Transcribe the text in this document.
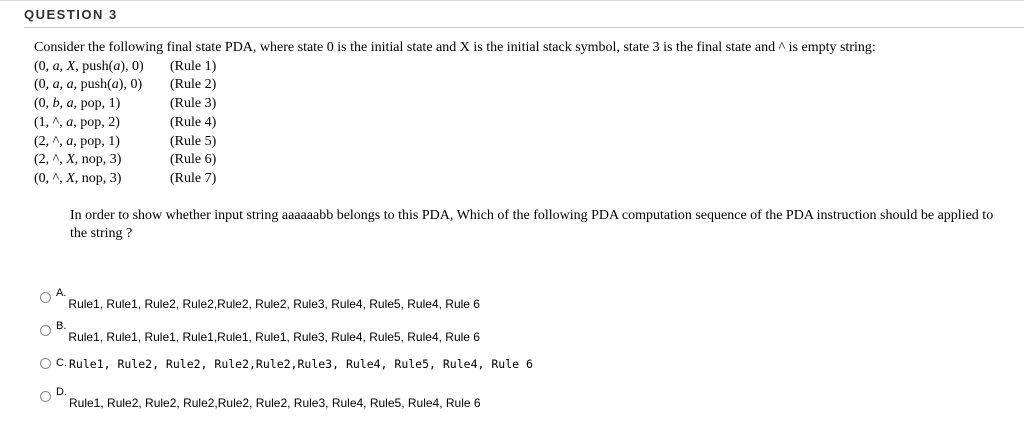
QUESTION 3
Consider the following final state PDA, where state 0 is the initial state and X is the initial stack symbol, state 3 is the final state and ^ is empty string:
(0, a, X, push(a), 0)	(Rule 1)
(0, a, a, push(a), 0)	(Rule 2)
(0, b, a, pop, 1)	(Rule 3)
(1, ^, a, pop, 2)	(Rule 4)
(2, ^, a, pop, 1)	(Rule 5)
(2, ^, X, nop, 3)	(Rule 6)
(0, ^, X, nop, 3)	(Rule 7)
In order to show whether input string aaaaaabb belongs to this PDA, Which of the following PDA computation sequence of the PDA instruction should be applied to the string ?
A.
Rule1, Rule1, Rule2, Rule2,Rule2, Rule2, Rule3, Rule4, Rule5, Rule4, Rule 6
B.
Rule1, Rule1, Rule1, Rule1,Rule1, Rule1, Rule3, Rule4, Rule5, Rule4, Rule 6
C. Rule1, Rule2, Rule2, Rule2,Rule2,Rule3, Rule4, Rule5, Rule4, Rule 6
D.
Rule1, Rule2, Rule2, Rule2,Rule2, Rule2, Rule3, Rule4, Rule5, Rule4, Rule 6
